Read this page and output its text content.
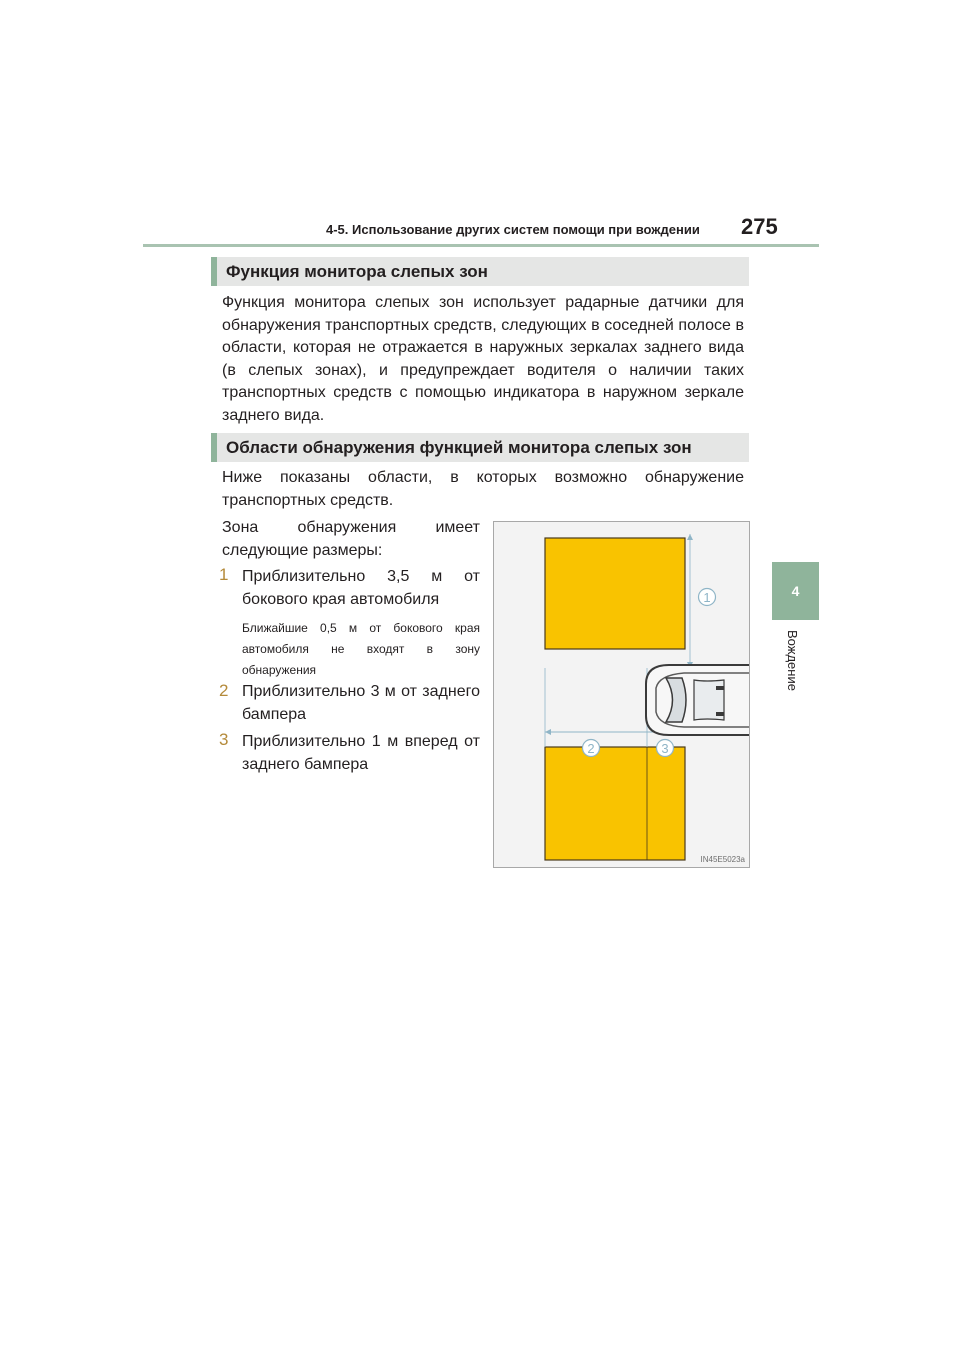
4-5. Использование других систем помощи при вождении 275
4
Вождение
Функция монитора слепых зон

Функция монитора слепых зон использует радарные датчики для обнаружения транспортных средств, следующих в соседней полосе в области, которая не отражается в наружных зеркалах заднего вида (в слепых зонах), и предупреждает водителя о наличии таких транспортных средств с помощью индикатора в наружном зеркале заднего вида.

Области обнаружения функцией монитора слепых зон

Ниже показаны области, в которых возможно обнаружение транспортных средств.

Зона обнаружения имеет следующие размеры:

1 Приблизительно 3,5 м от бокового края автомобиля

Ближайшие 0,5 м от бокового края автомобиля не входят в зону обнаружения

2 Приблизительно 3 м от заднего бампера

3 Приблизительно 1 м вперед от заднего бампера

1
2	3
IN45E5023a
